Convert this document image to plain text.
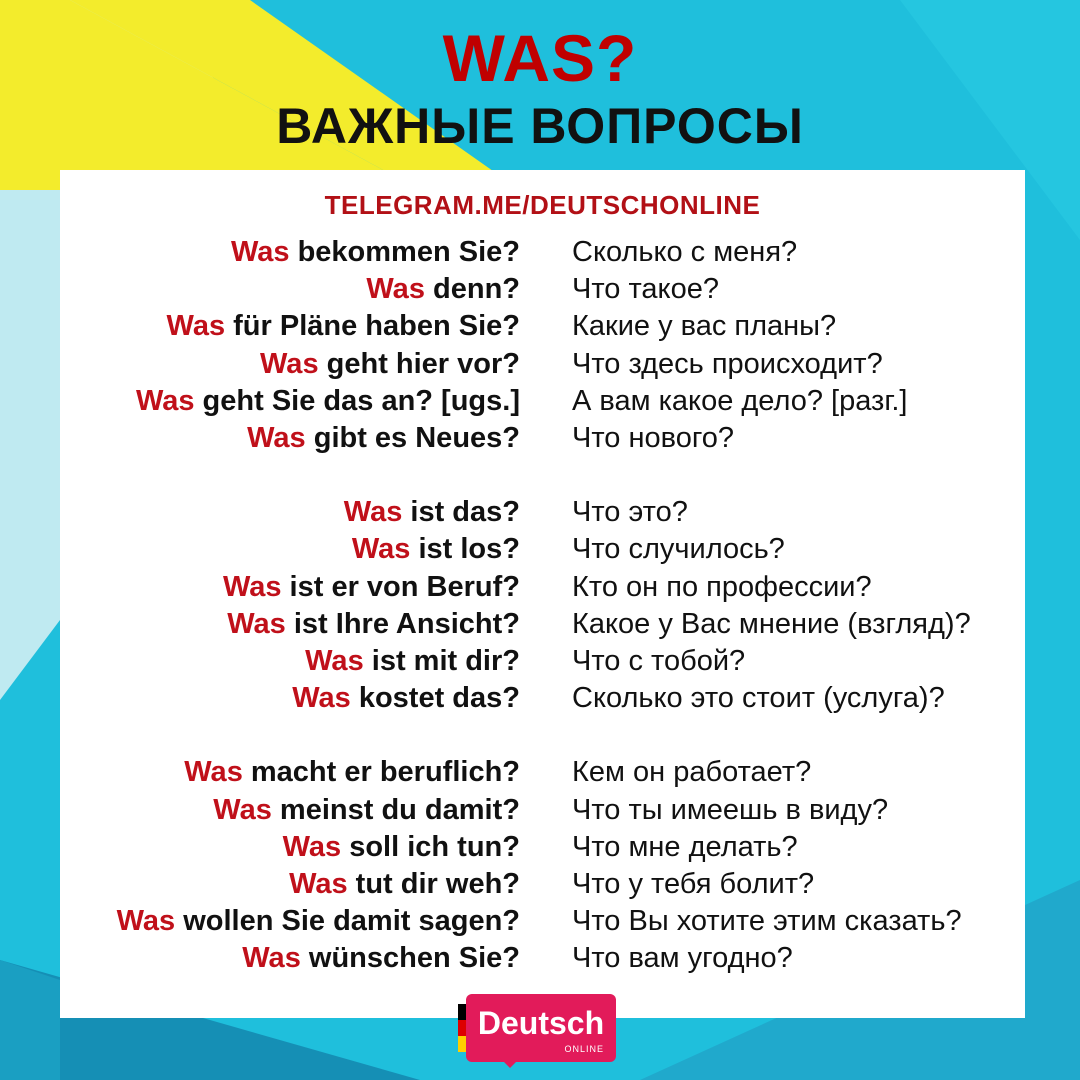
WAS?
ВАЖНЫЕ ВОПРОСЫ
TELEGRAM.ME/DEUTSCHONLINE
Was bekommen Sie? Сколько с меня?
Was denn? Что такое?
Was für Pläne haben Sie? Какие у вас планы?
Was geht hier vor? Что здесь происходит?
Was geht Sie das an? [ugs.] А вам какое дело? [разг.]
Was gibt es Neues? Что нового?
Was ist das? Что это?
Was ist los? Что случилось?
Was ist er von Beruf? Кто он по профессии?
Was ist Ihre Ansicht? Какое у Вас мнение (взгляд)?
Was ist mit dir? Что с тобой?
Was kostet das? Сколько это стоит (услуга)?
Was macht er beruflich? Кем он работает?
Was meinst du damit? Что ты имеешь в виду?
Was soll ich tun? Что мне делать?
Was tut dir weh? Что у тебя болит?
Was wollen Sie damit sagen? Что Вы хотите этим сказать?
Was wünschen Sie? Что вам угодно?
Deutsch
ONLINE
